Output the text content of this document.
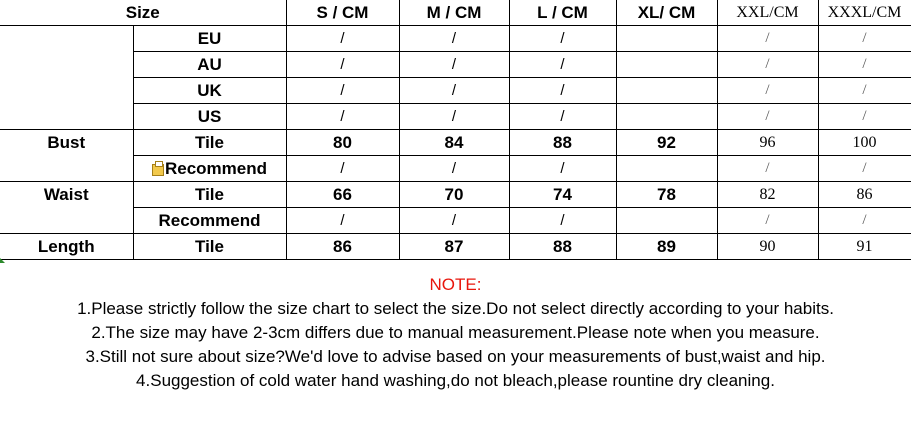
Size		S / CM	M / CM	L / CM	XL/ CM	XXL/CM	XXXL/CM
	EU	/	/	/		/	/
	AU	/	/	/		/	/
	UK	/	/	/		/	/
	US	/	/	/		/	/
Bust	Tile	80	84	88	92	96	100
	Recommend	/	/	/		/	/
Waist	Tile	66	70	74	78	82	86
	Recommend	/	/	/		/	/
Length	Tile	86	87	88	89	90	91
NOTE:
1.Please strictly follow the size chart to select the size.Do not select directly according to your habits.
2.The size may have 2-3cm differs due to manual measurement.Please note when you measure.
3.Still not sure about size?We'd love to advise based on your measurements of bust,waist and hip.
4.Suggestion of cold water hand washing,do not bleach,please rountine dry cleaning.
